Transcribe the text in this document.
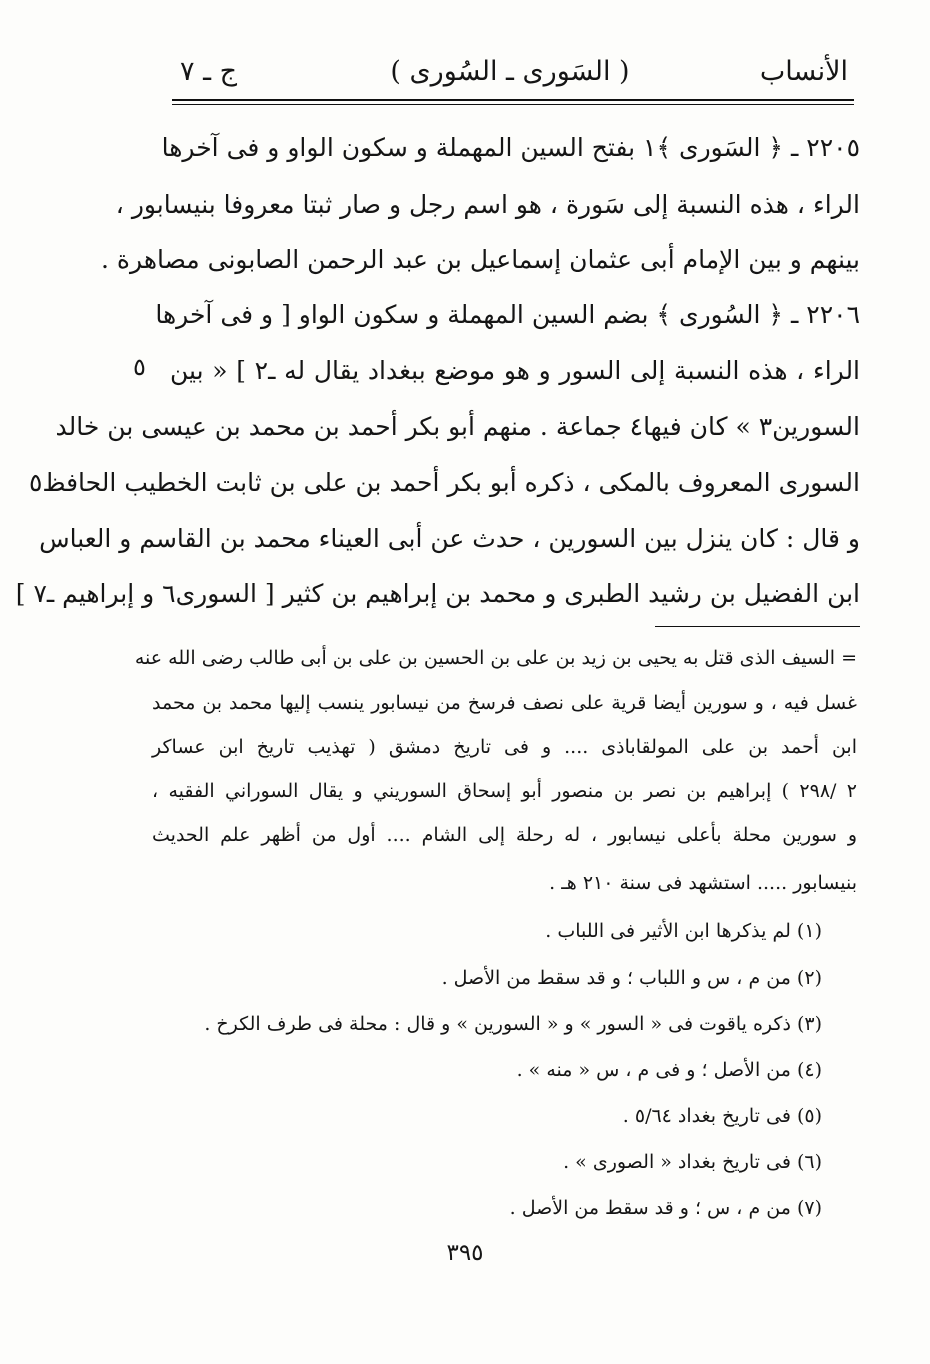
الأنساب
( السَورى ـ السُورى )
ج ـ ٧
٥
٢٢٠٥ ـ ﴿ السَورى ﴾١ بفتح السين المهملة و سكون الواو و فى آخرها
الراء ، هذه النسبة إلى سَورة ، هو اسم رجل و صار ثبتا معروفا بنيسابور ،
بينهم و بين الإمام أبى عثمان إسماعيل بن عبد الرحمن الصابونى مصاهرة .
٢٢٠٦ ـ ﴿ السُورى ﴾ بضم السين المهملة و سكون الواو [ و فى آخرها
الراء ، هذه النسبة إلى السور و هو موضع ببغداد يقال له ـ٢ ] « بين
السورين٣ » كان فيها٤ جماعة . منهم أبو بكر أحمد بن محمد بن عيسى بن خالد
السورى المعروف بالمكى ، ذكره أبو بكر أحمد بن على بن ثابت الخطيب الحافظ٥
و قال : كان ينزل بين السورين ، حدث عن أبى العيناء محمد بن القاسم و العباس
ابن الفضيل بن رشيد الطبرى و محمد بن إبراهيم بن كثير [ السورى٦ و إبراهيم ـ٧ ]
= السيف الذى قتل به يحيى بن زيد بن على بن الحسين بن على بن أبى طالب رضى الله عنه
غسل فيه ، و سورين أيضا قرية على نصف فرسخ من نيسابور ينسب إليها محمد بن محمد
ابن أحمد بن على المولقاباذى .... و فى تاريخ دمشق ( تهذيب تاريخ ابن عساكر
٢ /٢٩٨ ) إبراهيم بن نصر بن منصور أبو إسحاق السوريني و يقال السوراني الفقيه ،
و سورين محلة بأعلى نيسابور ، له رحلة إلى الشام .... أول من أظهر علم الحديث
بنيسابور ..... استشهد فى سنة ٢١٠ هـ .
(١) لم يذكرها ابن الأثير فى اللباب .
(٢) من م ، س و اللباب ؛ و قد سقط من الأصل .
(٣) ذكره ياقوت فى « السور » و « السورين » و قال : محلة فى طرف الكرخ .
(٤) من الأصل ؛ و فى م ، س « منه » .
(٥) فى تاريخ بغداد ٥/٦٤ .
(٦) فى تاريخ بغداد « الصورى » .
(٧) من م ، س ؛ و قد سقط من الأصل .
٣٩٥
